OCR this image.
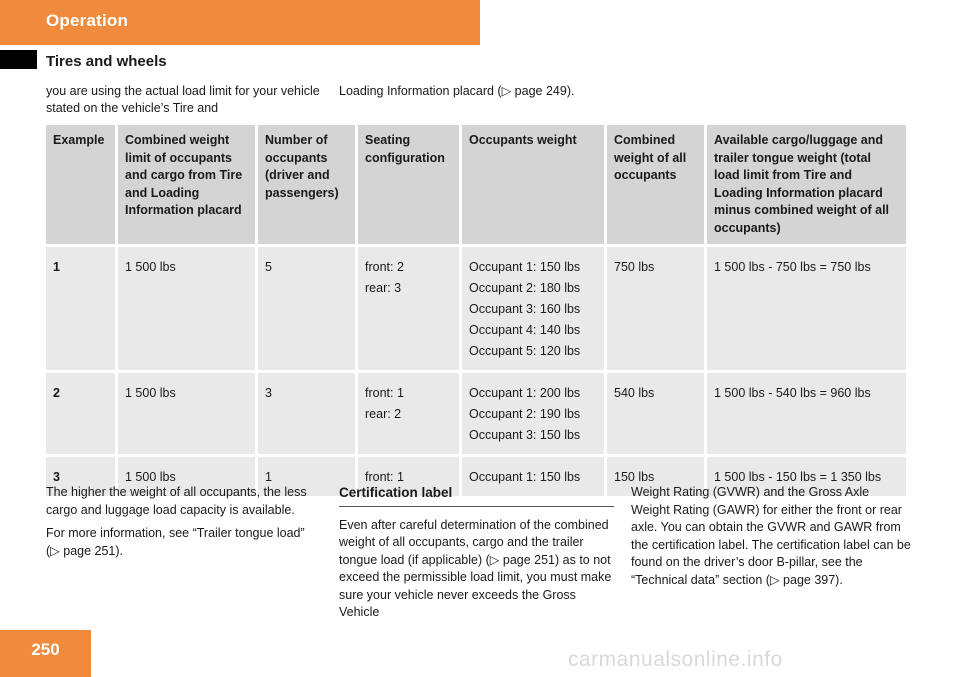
Operation
Tires and wheels
you are using the actual load limit for your vehicle stated on the vehicle’s Tire and
Loading Information placard (▷ page 249).
Example	Combined weight limit of occupants and cargo from Tire and Loading Information placard	Number of occupants (driver and passengers)	Seating configuration	Occupants weight	Combined weight of all occupants	Available cargo/luggage and trailer tongue weight (total load limit from Tire and Loading Information placard minus combined weight of all occupants)
1	1 500 lbs	5	front: 2
rear: 3	Occupant 1: 150 lbs
Occupant 2: 180 lbs
Occupant 3: 160 lbs
Occupant 4: 140 lbs
Occupant 5: 120 lbs	750 lbs	1 500 lbs - 750 lbs = 750 lbs
2	1 500 lbs	3	front: 1
rear: 2	Occupant 1: 200 lbs
Occupant 2: 190 lbs
Occupant 3: 150 lbs	540 lbs	1 500 lbs - 540 lbs = 960 lbs
3	1 500 lbs	1	front: 1	Occupant 1: 150 lbs	150 lbs	1 500 lbs - 150 lbs = 1 350 lbs

The higher the weight of all occupants, the less cargo and luggage load capacity is available.

For more information, see “Trailer tongue load” (▷ page 251).

Certification label

Even after careful determination of the combined weight of all occupants, cargo and the trailer tongue load (if applicable) (▷ page 251) as to not exceed the permissible load limit, you must make sure your vehicle never exceeds the Gross Vehicle

Weight Rating (GVWR) and the Gross Axle Weight Rating (GAWR) for either the front or rear axle. You can obtain the GVWR and GAWR from the certification label. The certification label can be found on the driver’s door B-pillar, see the “Technical data” section (▷ page 397).

250	carmanualsonline.info
